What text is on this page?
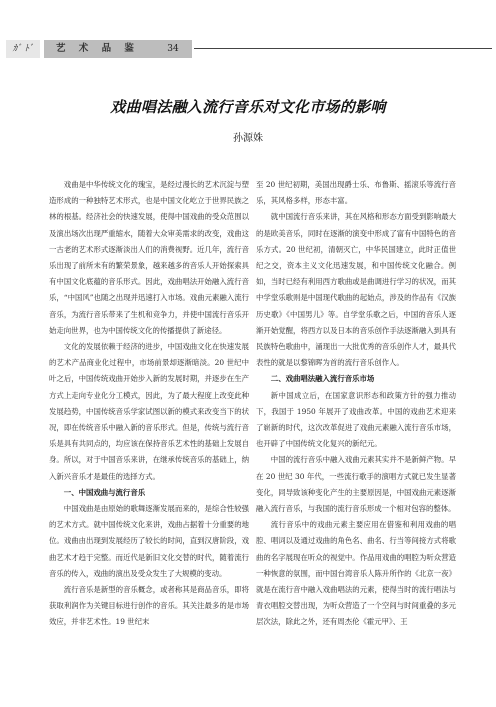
ｶﾞ ﾄﾞ	艺 术 品 鉴	34
戏曲唱法融入流行音乐对文化市场的影响
孙源姝

戏曲是中华传统文化的瑰宝，是经过漫长的艺术沉淀与塑造形成的一种独特艺术形式，也是中国文化屹立于世界民族之林的根基。经济社会的快速发展，使得中国戏曲的受众范围以及演出场次出现严重缩水，随着大众审美需求的改变，戏曲这一古老的艺术形式逐渐淡出人们的消费视野。近几年，流行音乐出现了前所未有的繁荣景象，越来越多的音乐人开始探索具有中国文化底蕴的音乐形式。因此，戏曲唱法开始融入流行音乐，“中国风”也随之出现并迅速打入市场。戏曲元素融入流行音乐，为流行音乐带来了生机和竞争力，并使中国流行音乐开始走向世界，也为中国传统文化的传播提供了新途径。

文化的发展依赖于经济的进步，中国戏曲文化在快速发展的艺术产品商业化过程中，市场前景却逐渐暗淡。20 世纪中叶之后，中国传统戏曲开始步入新的发展时期，并逐步在生产方式上走向专业化分工模式，因此，为了最大程度上改变此种发展趋势，中国传统音乐学家试图以新的模式来改变当下的状况，即在传统音乐中融入新的音乐形式。但是，传统与流行音乐是具有共同点的，均应该在保持音乐艺术性的基础上发展自身。所以，对于中国音乐来讲，在继承传统音乐的基础上，纳入新兴音乐才是最佳的选择方式。

一、中国戏曲与流行音乐

中国戏曲是由原始的歌舞逐渐发展而来的，是综合性较强的艺术方式。就中国传统文化来讲，戏曲占据着十分重要的地位。戏曲由出现到发展经历了较长的时间，直到汉唐阶段，戏曲艺术才趋于完整。而近代是新旧文化交替的时代，随着流行音乐的传入，戏曲的演出及受众发生了大规模的变动。

流行音乐是新型的音乐概念，或者称其是商品音乐，即将获取利润作为关键目标进行创作的音乐。其关注最多的是市场效应，并非艺术性。19 世纪末

至 20 世纪初期，美国出现爵士乐、布鲁斯、摇滚乐等流行音乐，其风格多样，形态丰富。

就中国流行音乐来讲，其在风格和形态方面受到影响最大的是欧美音乐，同时在逐渐的演变中形成了富有中国特色的音乐方式。20 世纪初，清朝灭亡，中华民国建立，此时正值世纪之交，资本主义文化迅速发展，和中国传统文化融合。例如，当时已经有利用西方歌曲或是曲调进行学习的状况，而其中学堂乐歌则是中国现代歌曲的起始点，涉及的作品有《汉族历史歌》《中国男儿》等。自学堂乐歌之后，中国的音乐人逐渐开始觉醒，将西方以及日本的音乐创作手法逐渐融入到具有民族特色歌曲中，涌现出一大批优秀的音乐创作人才，最具代表性的就是以黎锦晖为首的流行音乐创作人。

二、戏曲唱法融入流行音乐市场

新中国成立后，在国家意识形态和政策方针的强力推动下，我国于 1950 年展开了戏曲改革。中国的戏曲艺术迎来了崭新的时代，这次改革促进了戏曲元素融入流行音乐市场，也开辟了中国传统文化复兴的新纪元。

中国的流行音乐中融入戏曲元素其实并不是新鲜产物。早在 20 世纪 30 年代，一些流行歌手的演唱方式就已发生显著变化，同导致该种变化产生的主要原因是，中国戏曲元素逐渐融入流行音乐，与我国的流行音乐形成一个相对包容的整体。

流行音乐中的戏曲元素主要应用在借鉴和利用戏曲的唱腔、唱词以及通过戏曲的角色名、曲名、行当等间接方式将歌曲的名字展现在听众的视觉中。作品用戏曲的唱腔为听众营造一种恢意的氛围，而中国台湾音乐人陈升所作的《北京一夜》就是在流行音中融入戏曲唱法的元素，使得当时的流行唱法与青衣唱腔交替出现，为听众营造了一个空间与时间重叠的多元层次法，除此之外，还有周杰伦《霍元甲》、王
